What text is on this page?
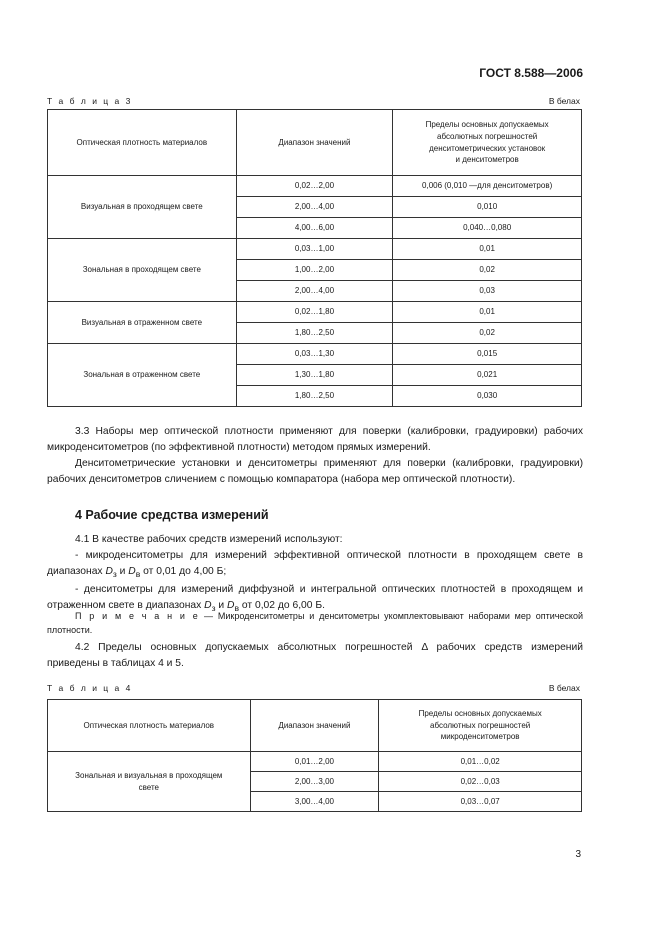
ГОСТ 8.588—2006
Т а б л и ц а 3	В белах
Оптическая плотность материалов	Диапазон значений	Пределы основных допускаемых
абсолютных погрешностей
денситометрических установок
и денситометров
Визуальная в проходящем свете	0,02…2,00	0,006 (0,010 —для денситометров)
	2,00…4,00	0,010
	4,00…6,00	0,040…0,080
Зональная в проходящем свете	0,03…1,00	0,01
	1,00…2,00	0,02
	2,00…4,00	0,03
Визуальная в отраженном свете	0,02…1,80	0,01
	1,80…2,50	0,02
Зональная в отраженном свете	0,03…1,30	0,015
	1,30…1,80	0,021
	1,80…2,50	0,030

3.3 Наборы мер оптической плотности применяют для поверки (калибровки, градуировки) рабочих микроденситометров (по эффективной плотности) методом прямых измерений.

Денситометрические установки и денситометры применяют для поверки (калибровки, градуировки) рабочих денситометров сличением с помощью компаратора (набора мер оптической плотности).

4 Рабочие средства измерений

4.1 В качестве рабочих средств измерений используют:

- микроденситометры для измерений эффективной оптической плотности в проходящем свете в диапазонах $D_з$ и $D_в$ от 0,01 до 4,00 Б;

- денситометры для измерений диффузной и интегральной оптических плотностей в проходящем и отраженном свете в диапазонах $D_з$ и $D_в$ от 0,02 до 6,00 Б.

П р и м е ч а н и е — Микроденситометры и денситометры укомплектовывают наборами мер оптической плотности.

4.2 Пределы основных допускаемых абсолютных погрешностей Δ рабочих средств измерений приведены в таблицах 4 и 5.

Т а б л и ц а 4	В белах
Оптическая плотность материалов	Диапазон значений	Пределы основных допускаемых
абсолютных погрешностей
микроденситометров
Зональная и визуальная в проходящем
свете	0,01…2,00	0,01…0,02
	2,00…3,00	0,02…0,03
	3,00…4,00	0,03…0,07
3
